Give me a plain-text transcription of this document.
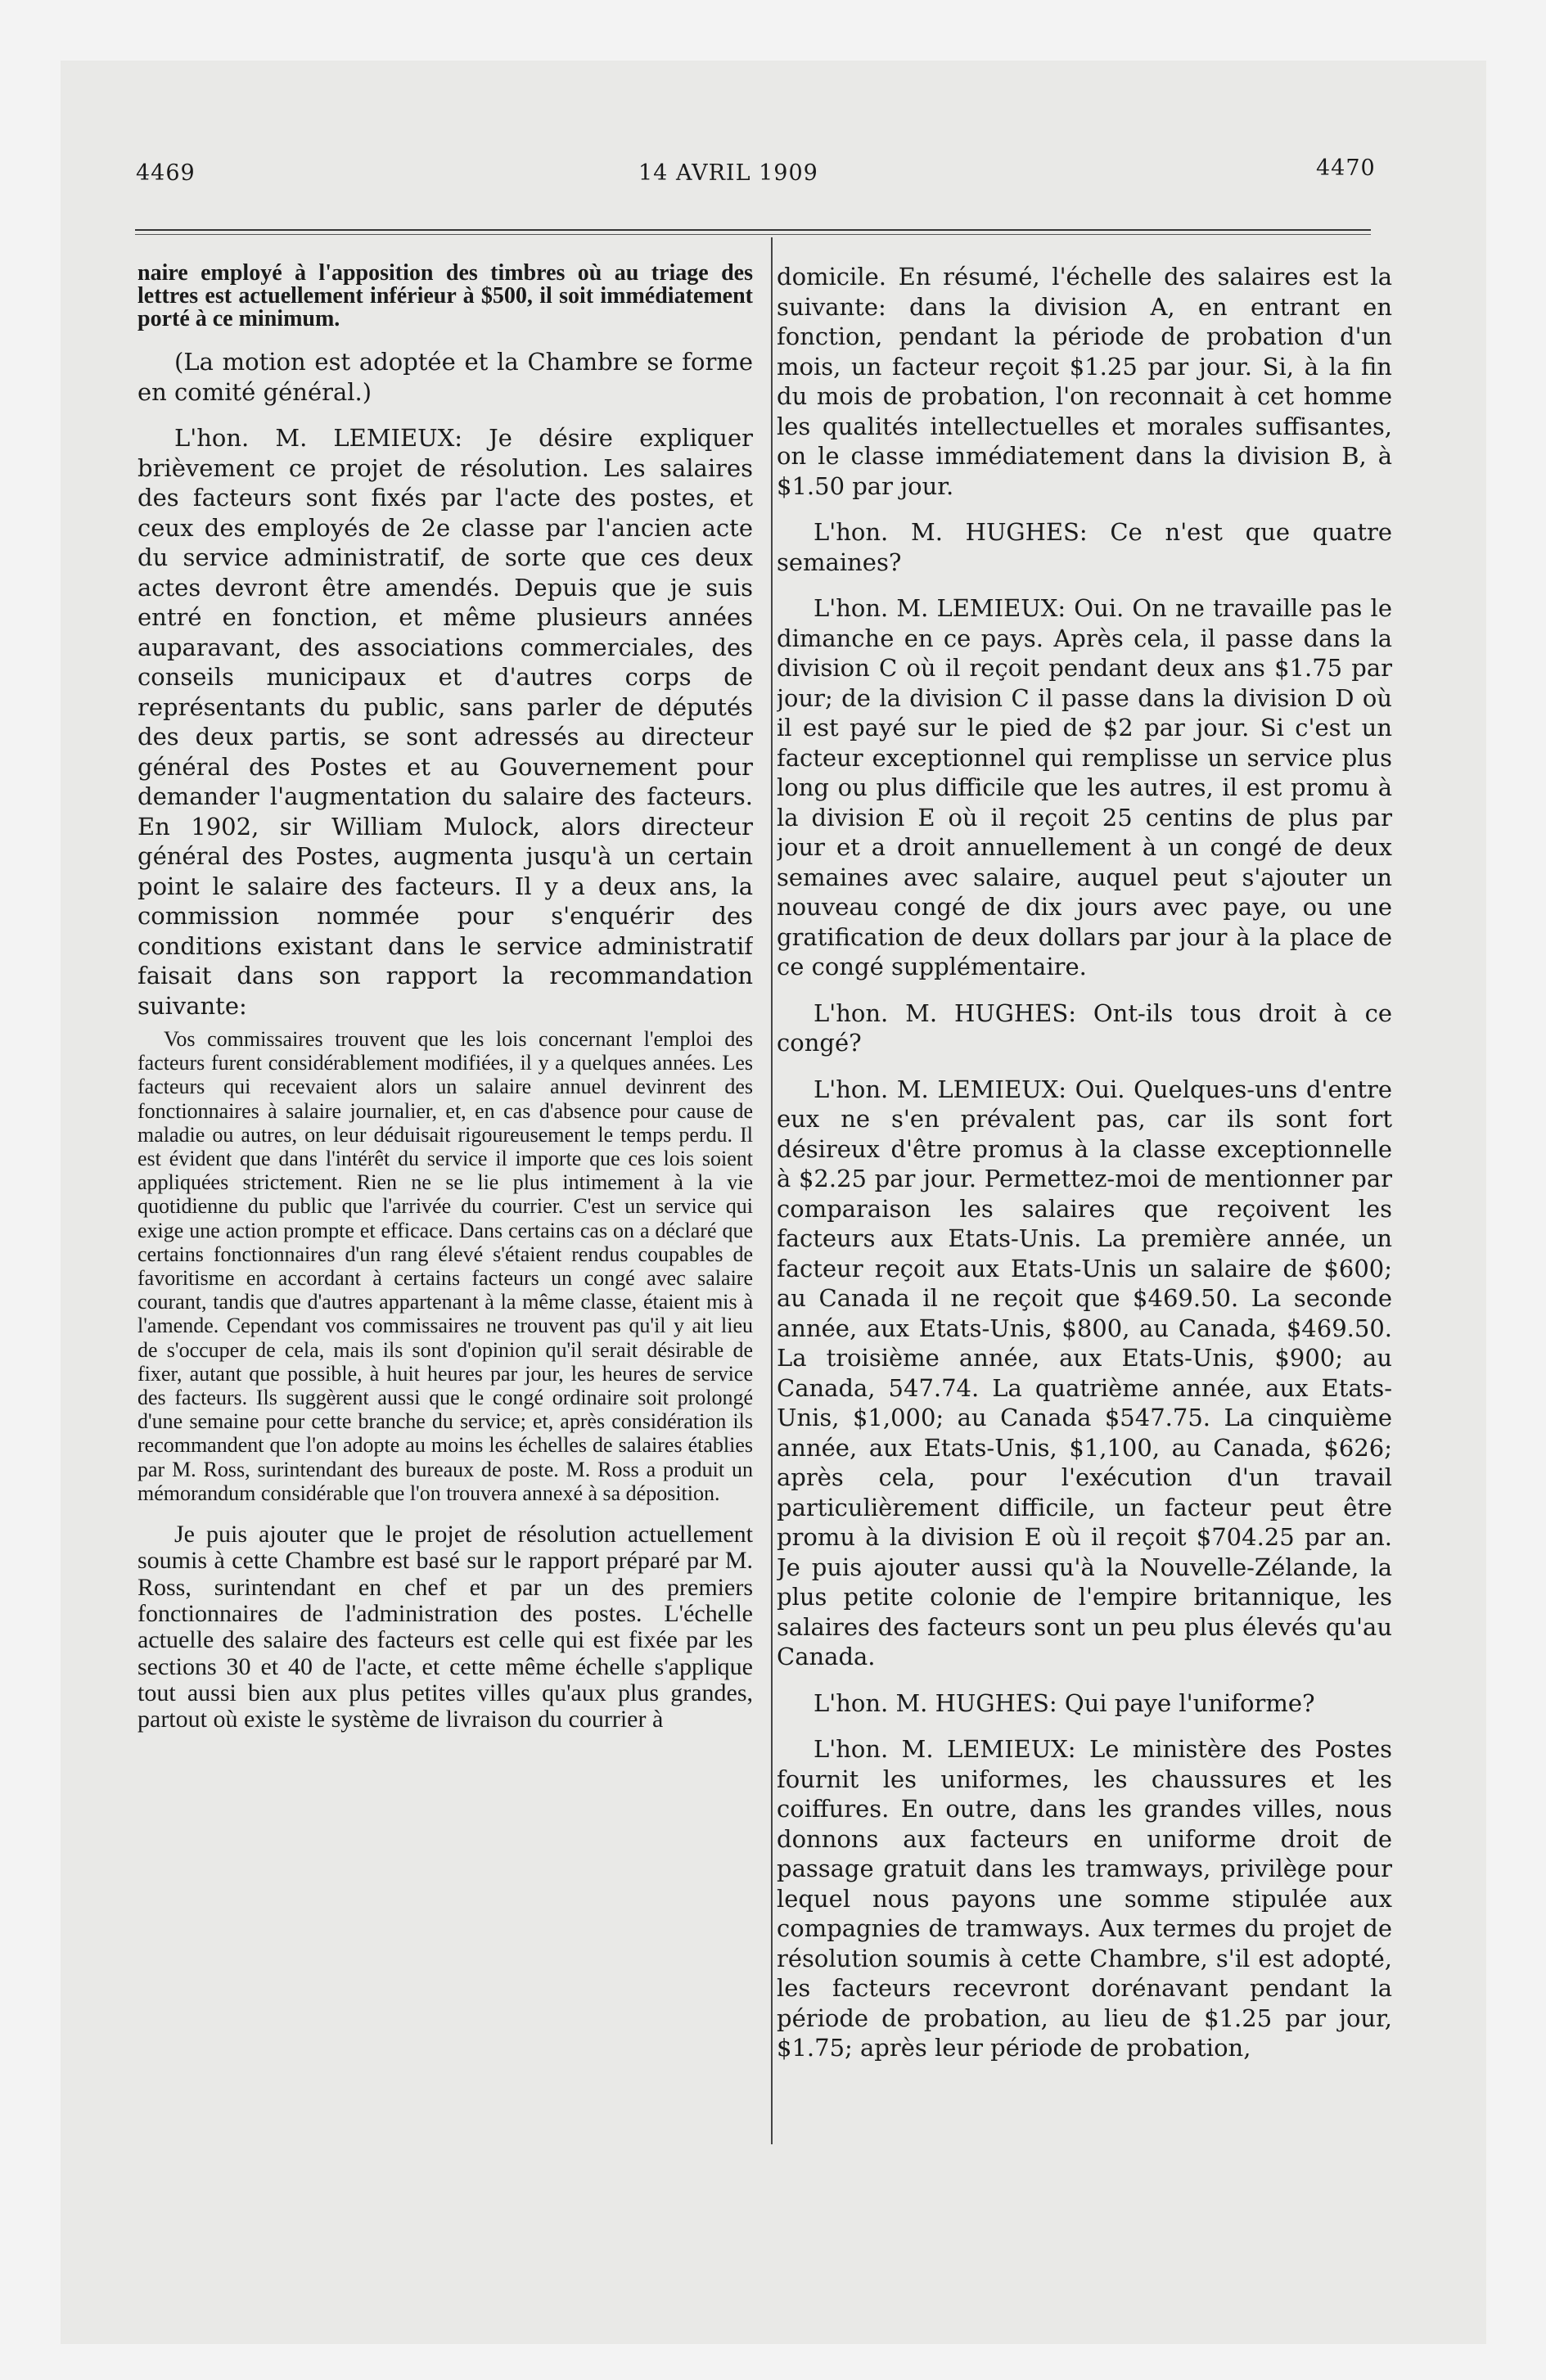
4469	14 AVRIL 1909	4470

naire employé à l'apposition des timbres où au triage des lettres est actuellement inférieur à $500, il soit immédiatement porté à ce minimum.

(La motion est adoptée et la Chambre se forme en comité général.)

L'hon. M. LEMIEUX: Je désire expliquer brièvement ce projet de résolution. Les salaires des facteurs sont fixés par l'acte des postes, et ceux des employés de 2e classe par l'ancien acte du service administratif, de sorte que ces deux actes devront être amendés. Depuis que je suis entré en fonction, et même plusieurs années auparavant, des associations commerciales, des conseils municipaux et d'autres corps de représentants du public, sans parler de députés des deux partis, se sont adressés au directeur général des Postes et au Gouvernement pour demander l'augmentation du salaire des facteurs. En 1902, sir William Mulock, alors directeur général des Postes, augmenta jusqu'à un certain point le salaire des facteurs. Il y a deux ans, la commission nommée pour s'enquérir des conditions existant dans le service administratif faisait dans son rapport la recommandation suivante:

Vos commissaires trouvent que les lois concernant l'emploi des facteurs furent considérablement modifiées, il y a quelques années. Les facteurs qui recevaient alors un salaire annuel devinrent des fonctionnaires à salaire journalier, et, en cas d'absence pour cause de maladie ou autres, on leur déduisait rigoureusement le temps perdu. Il est évident que dans l'intérêt du service il importe que ces lois soient appliquées strictement. Rien ne se lie plus intimement à la vie quotidienne du public que l'arrivée du courrier. C'est un service qui exige une action prompte et efficace. Dans certains cas on a déclaré que certains fonctionnaires d'un rang élevé s'étaient rendus coupables de favoritisme en accordant à certains facteurs un congé avec salaire courant, tandis que d'autres appartenant à la même classe, étaient mis à l'amende. Cependant vos commissaires ne trouvent pas qu'il y ait lieu de s'occuper de cela, mais ils sont d'opinion qu'il serait désirable de fixer, autant que possible, à huit heures par jour, les heures de service des facteurs. Ils suggèrent aussi que le congé ordinaire soit prolongé d'une semaine pour cette branche du service; et, après considération ils recommandent que l'on adopte au moins les échelles de salaires établies par M. Ross, surintendant des bureaux de poste. M. Ross a produit un mémorandum considérable que l'on trouvera annexé à sa déposition.

Je puis ajouter que le projet de résolution actuellement soumis à cette Chambre est basé sur le rapport préparé par M. Ross, surintendant en chef et par un des premiers fonctionnaires de l'administration des postes. L'échelle actuelle des salaire des facteurs est celle qui est fixée par les sections 30 et 40 de l'acte, et cette même échelle s'applique tout aussi bien aux plus petites villes qu'aux plus grandes, partout où existe le système de livraison du courrier à

domicile. En résumé, l'échelle des salaires est la suivante: dans la division A, en entrant en fonction, pendant la période de probation d'un mois, un facteur reçoit $1.25 par jour. Si, à la fin du mois de probation, l'on reconnait à cet homme les qualités intellectuelles et morales suffisantes, on le classe immédiatement dans la division B, à $1.50 par jour.

L'hon. M. HUGHES: Ce n'est que quatre semaines?

L'hon. M. LEMIEUX: Oui. On ne travaille pas le dimanche en ce pays. Après cela, il passe dans la division C où il reçoit pendant deux ans $1.75 par jour; de la division C il passe dans la division D où il est payé sur le pied de $2 par jour. Si c'est un facteur exceptionnel qui remplisse un service plus long ou plus difficile que les autres, il est promu à la division E où il reçoit 25 centins de plus par jour et a droit annuellement à un congé de deux semaines avec salaire, auquel peut s'ajouter un nouveau congé de dix jours avec paye, ou une gratification de deux dollars par jour à la place de ce congé supplémentaire.

L'hon. M. HUGHES: Ont-ils tous droit à ce congé?

L'hon. M. LEMIEUX: Oui. Quelques-uns d'entre eux ne s'en prévalent pas, car ils sont fort désireux d'être promus à la classe exceptionnelle à $2.25 par jour. Permettez-moi de mentionner par comparaison les salaires que reçoivent les facteurs aux Etats-Unis. La première année, un facteur reçoit aux Etats-Unis un salaire de $600; au Canada il ne reçoit que $469.50. La seconde année, aux Etats-Unis, $800, au Canada, $469.50. La troisième année, aux Etats-Unis, $900; au Canada, 547.74. La quatrième année, aux Etats-Unis, $1,000; au Canada $547.75. La cinquième année, aux Etats-Unis, $1,100, au Canada, $626; après cela, pour l'exécution d'un travail particulièrement difficile, un facteur peut être promu à la division E où il reçoit $704.25 par an. Je puis ajouter aussi qu'à la Nouvelle-Zélande, la plus petite colonie de l'empire britannique, les salaires des facteurs sont un peu plus élevés qu'au Canada.

L'hon. M. HUGHES: Qui paye l'uniforme?

L'hon. M. LEMIEUX: Le ministère des Postes fournit les uniformes, les chaussures et les coiffures. En outre, dans les grandes villes, nous donnons aux facteurs en uniforme droit de passage gratuit dans les tramways, privilège pour lequel nous payons une somme stipulée aux compagnies de tramways. Aux termes du projet de résolution soumis à cette Chambre, s'il est adopté, les facteurs recevront dorénavant pendant la période de probation, au lieu de $1.25 par jour, $1.75; après leur période de probation,
